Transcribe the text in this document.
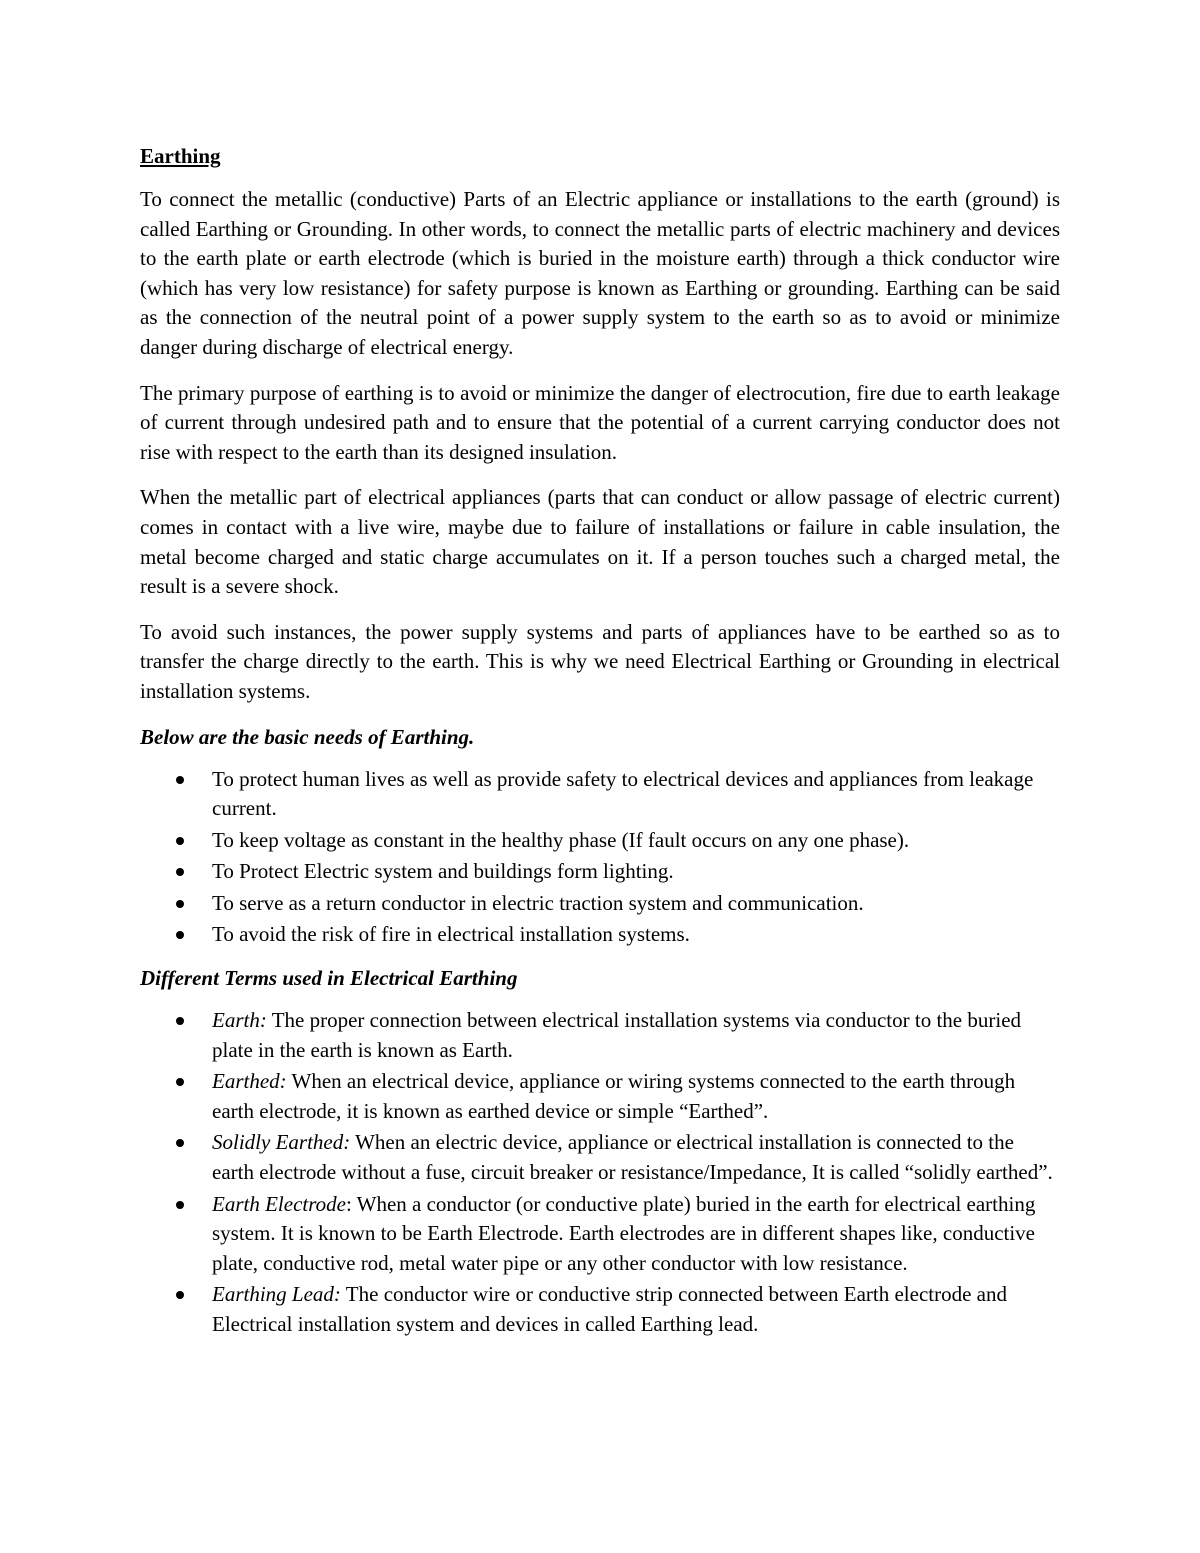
Earthing

To connect the metallic (conductive) Parts of an Electric appliance or installations to the earth (ground) is called Earthing or Grounding. In other words, to connect the metallic parts of electric machinery and devices to the earth plate or earth electrode (which is buried in the moisture earth) through a thick conductor wire (which has very low resistance) for safety purpose is known as Earthing or grounding. Earthing can be said as the connection of the neutral point of a power supply system to the earth so as to avoid or minimize danger during discharge of electrical energy.

The primary purpose of earthing is to avoid or minimize the danger of electrocution, fire due to earth leakage of current through undesired path and to ensure that the potential of a current carrying conductor does not rise with respect to the earth than its designed insulation.

When the metallic part of electrical appliances (parts that can conduct or allow passage of electric current) comes in contact with a live wire, maybe due to failure of installations or failure in cable insulation, the metal become charged and static charge accumulates on it. If a person touches such a charged metal, the result is a severe shock.

To avoid such instances, the power supply systems and parts of appliances have to be earthed so as to transfer the charge directly to the earth. This is why we need Electrical Earthing or Grounding in electrical installation systems.

Below are the basic needs of Earthing.
To protect human lives as well as provide safety to electrical devices and appliances from leakage current.
To keep voltage as constant in the healthy phase (If fault occurs on any one phase).
To Protect Electric system and buildings form lighting.
To serve as a return conductor in electric traction system and communication.
To avoid the risk of fire in electrical installation systems.
Different Terms used in Electrical Earthing
Earth: The proper connection between electrical installation systems via conductor to the buried plate in the earth is known as Earth.
Earthed: When an electrical device, appliance or wiring systems connected to the earth through earth electrode, it is known as earthed device or simple “Earthed”.
Solidly Earthed: When an electric device, appliance or electrical installation is connected to the earth electrode without a fuse, circuit breaker or resistance/Impedance, It is called “solidly earthed”.
Earth Electrode: When a conductor (or conductive plate) buried in the earth for electrical earthing system. It is known to be Earth Electrode. Earth electrodes are in different shapes like, conductive plate, conductive rod, metal water pipe or any other conductor with low resistance.
Earthing Lead: The conductor wire or conductive strip connected between Earth electrode and Electrical installation system and devices in called Earthing lead.
